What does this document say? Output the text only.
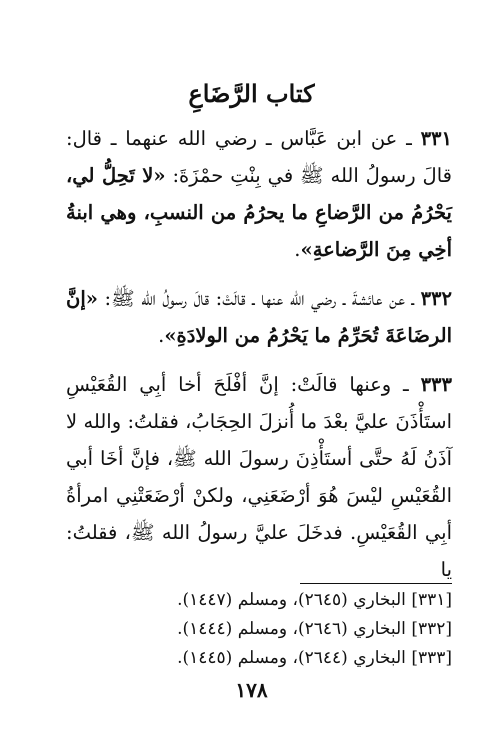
كتاب الرَّضَاعِ

٣٣١ ـ عن ابن عَبَّاس ـ رضي الله عنهما ـ قال: قالَ رسولُ الله ﷺ في بِنْتِ حمْزَةَ: «لا تَحِلُّ لي، يَحْرُمُ من الرَّضاعِ ما يحرُمُ من النسبِ، وهي ابنةُ أخِي مِنَ الرَّضاعةِ».

٣٣٢ ـ عن عائشةَ ـ رضي الله عنها ـ قالَتْ: قالَ رسولُ الله ﷺ: «إنَّ الرضَاعَةَ تُحَرِّمُ ما يَحْرُمُ من الولادَةِ».

٣٣٣ ـ وعنها قالَتْ: إنَّ أفْلَحَ أخا أبِي القُعَيْسِ استَأْذَنَ عليَّ بعْدَ ما أُنزلَ الحِجَابُ، فقلتُ: والله لا آذَنُ لَهُ حتَّى أستَأْذِنَ رسولَ الله ﷺ، فإنَّ أخَا أبي القُعَيْسِ ليْسَ هُوَ أرْضَعَنِي، ولكنْ أرْضَعَتْنِي امرأةُ أبِي القُعَيْسِ. فدخَلَ عليَّ رسولُ الله ﷺ، فقلتُ: يا

[٣٣١] البخاري (٢٦٤٥)، ومسلم (١٤٤٧).
[٣٣٢] البخاري (٢٦٤٦)، ومسلم (١٤٤٤).
[٣٣٣] البخاري (٢٦٤٤)، ومسلم (١٤٤٥).
١٧٨
